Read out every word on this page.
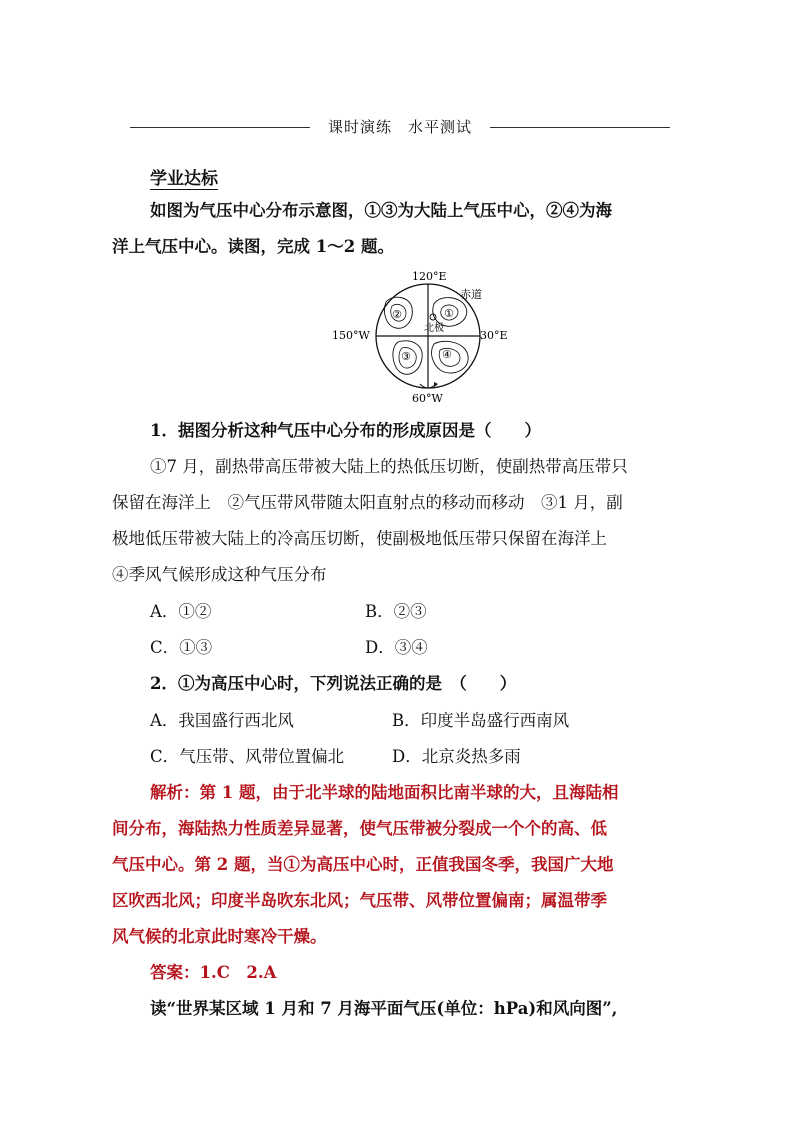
课时演练　水平测试
学业达标
如图为气压中心分布示意图，①③为大陆上气压中心，②④为海
洋上气压中心。读图，完成 1～2 题。
120°E
赤道
北极
150°W	30°E
60°W
①
②
③	④
1．据图分析这种气压中心分布的形成原因是（　　）
①7 月，副热带高压带被大陆上的热低压切断，使副热带高压带只
保留在海洋上　②气压带风带随太阳直射点的移动而移动　③1 月，副
极地低压带被大陆上的冷高压切断，使副极地低压带只保留在海洋上
④季风气候形成这种气压分布
A．①②	B．②③
C．①③	D．③④
2．①为高压中心时，下列说法正确的是　（　　）
A．我国盛行西北风	B．印度半岛盛行西南风
C．气压带、风带位置偏北	D．北京炎热多雨
解析：第 1 题，由于北半球的陆地面积比南半球的大，且海陆相
间分布，海陆热力性质差异显著，使气压带被分裂成一个个的高、低
气压中心。第 2 题，当①为高压中心时，正值我国冬季，我国广大地
区吹西北风；印度半岛吹东北风；气压带、风带位置偏南；属温带季
风气候的北京此时寒冷干燥。
答案：1.C　2.A
读“世界某区域 1 月和 7 月海平面气压(单位：hPa)和风向图”,
